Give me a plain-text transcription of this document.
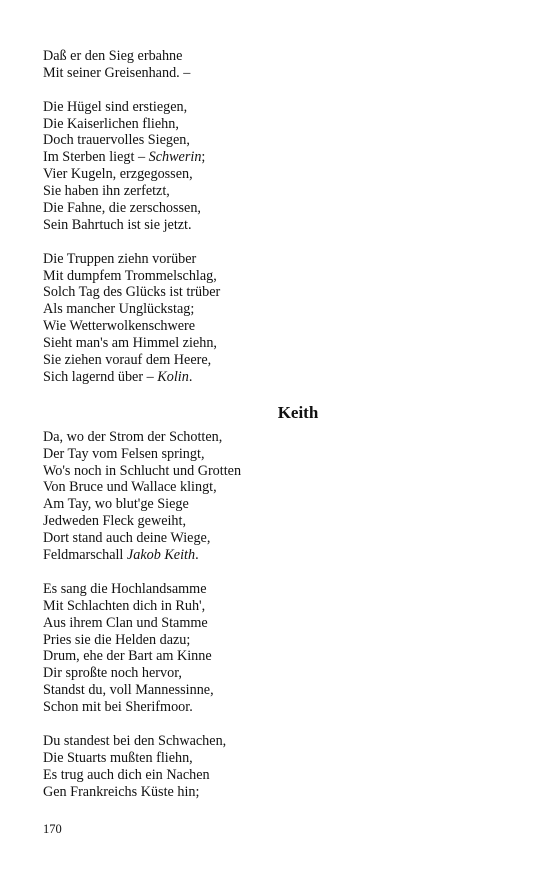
Daß er den Sieg erbahne
Mit seiner Greisenhand. –
Die Hügel sind erstiegen,
Die Kaiserlichen fliehn,
Doch trauervolles Siegen,
Im Sterben liegt – Schwerin;
Vier Kugeln, erzgegossen,
Sie haben ihn zerfetzt,
Die Fahne, die zerschossen,
Sein Bahrtuch ist sie jetzt.
Die Truppen ziehn vorüber
Mit dumpfem Trommelschlag,
Solch Tag des Glücks ist trüber
Als mancher Unglückstag;
Wie Wetterwolkenschwere
Sieht man's am Himmel ziehn,
Sie ziehen vorauf dem Heere,
Sich lagernd über – Kolin.
Keith
Da, wo der Strom der Schotten,
Der Tay vom Felsen springt,
Wo's noch in Schlucht und Grotten
Von Bruce und Wallace klingt,
Am Tay, wo blut'ge Siege
Jedweden Fleck geweiht,
Dort stand auch deine Wiege,
Feldmarschall Jakob Keith.
Es sang die Hochlandsamme
Mit Schlachten dich in Ruh',
Aus ihrem Clan und Stamme
Pries sie die Helden dazu;
Drum, ehe der Bart am Kinne
Dir sproßte noch hervor,
Standst du, voll Mannessinne,
Schon mit bei Sherifmoor.
Du standest bei den Schwachen,
Die Stuarts mußten fliehn,
Es trug auch dich ein Nachen
Gen Frankreichs Küste hin;
170
